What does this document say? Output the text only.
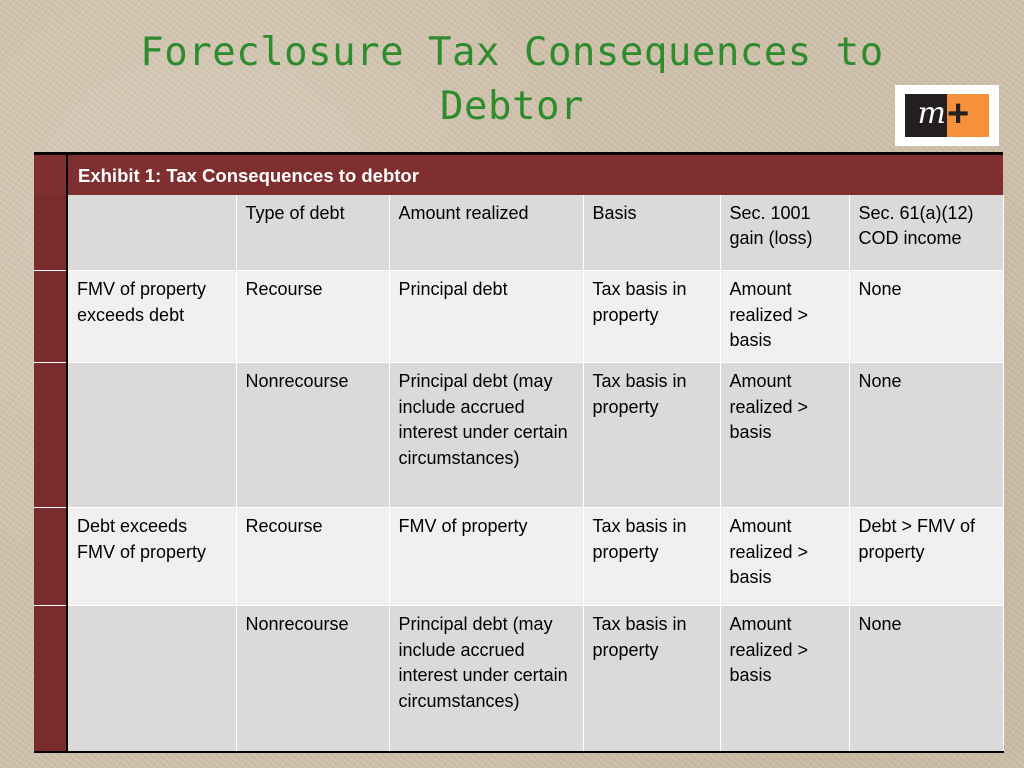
Foreclosure Tax Consequences to Debtor	m +
	Exhibit 1: Tax Consequences to debtor					
		Type of debt	Amount realized	Basis	Sec. 1001 gain (loss)	Sec. 61(a)(12) COD income
	FMV of property exceeds debt	Recourse	Principal debt	Tax basis in property	Amount realized > basis	None
		Nonrecourse	Principal debt (may include accrued interest under certain circumstances)	Tax basis in property	Amount realized > basis	None
	Debt exceeds FMV of property	Recourse	FMV of property	Tax basis in property	Amount realized > basis	Debt > FMV of property
		Nonrecourse	Principal debt (may include accrued interest under certain circumstances)	Tax basis in property	Amount realized > basis	None
